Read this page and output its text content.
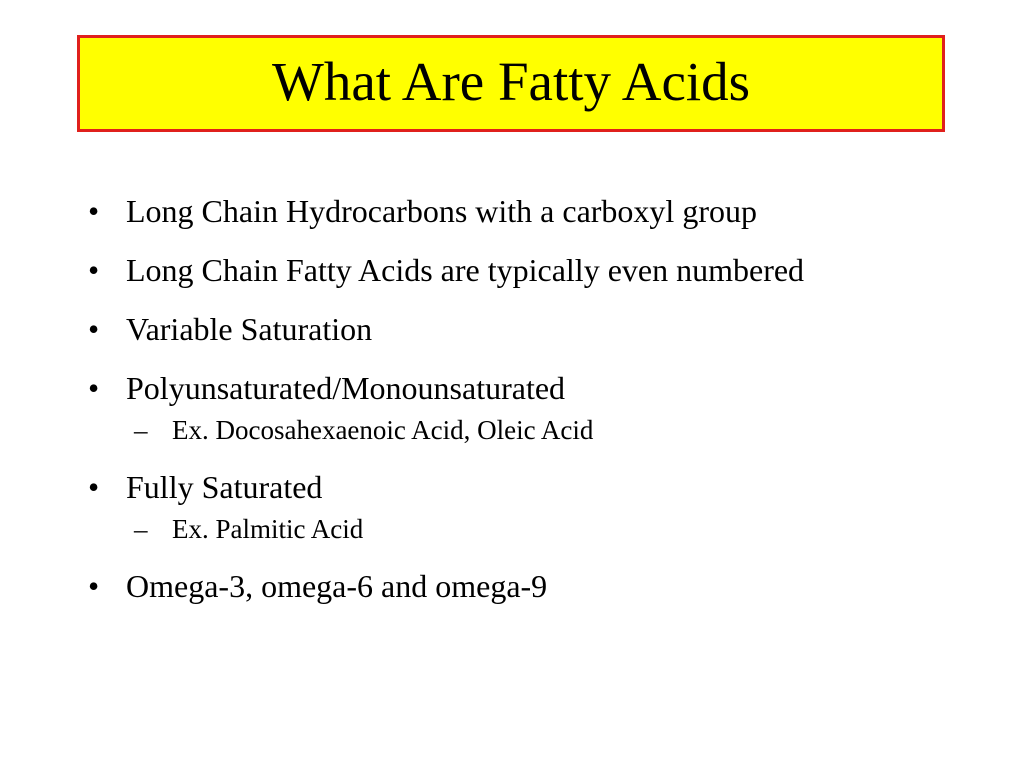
What Are Fatty Acids
• Long Chain Hydrocarbons with a carboxyl group
• Long Chain Fatty Acids are typically even numbered
• Variable Saturation
• Polyunsaturated/Monounsaturated
– Ex. Docosahexaenoic Acid, Oleic Acid
• Fully Saturated
– Ex. Palmitic Acid
• Omega-3, omega-6 and omega-9
